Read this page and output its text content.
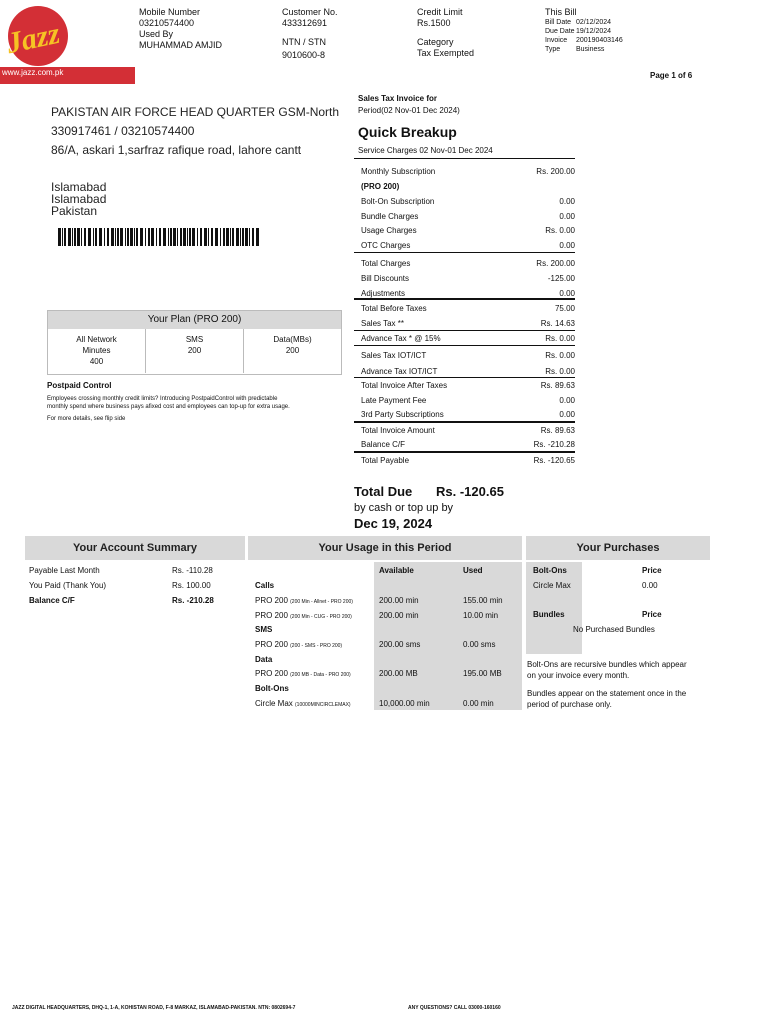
Jazz
www.jazz.com.pk
Mobile Number
03210574400
Used By
MUHAMMAD AMJID
Customer No.
433312691
NTN / STN
9010600-8
Credit Limit
Rs.1500
Category
Tax Exempted
This Bill
Bill Date 02/12/2024
Due Date 19/12/2024
Invoice	200190403146
Type	Business
Page 1 of 6
PAKISTAN AIR FORCE HEAD QUARTER GSM-North
330917461 / 03210574400
86/A, askari 1,sarfraz rafique road, lahore cantt
Islamabad
Islamabad
Pakistan
Your Plan (PRO 200)
All Network
Minutes
400
SMS
200
Data(MBs)
200
Postpaid Control
Employees crossing monthly credit limits? Introducing PostpaidControl with predictable
monthly spend where business pays afixed cost and employees can top-up for extra usage.
For more details, see flip side
Sales Tax Invoice for
Period(02 Nov-01 Dec 2024)
Quick Breakup
Service Charges 02 Nov-01 Dec 2024
Monthly Subscription	Rs. 200.00
(PRO 200)
Bolt-On Subscription	0.00
Bundle Charges	0.00
Usage Charges	Rs. 0.00
OTC Charges	0.00
Total Charges	Rs. 200.00
Bill Discounts	-125.00
Adjustments	0.00
Total Before Taxes	75.00
Sales Tax **	Rs. 14.63
Advance Tax * @ 15%	Rs. 0.00
Sales Tax IOT/ICT	Rs. 0.00
Advance Tax IOT/ICT	Rs. 0.00
Total Invoice After Taxes	Rs. 89.63
Late Payment Fee	0.00
3rd Party Subscriptions	0.00
Total Invoice Amount	Rs. 89.63
Balance C/F	Rs. -210.28
Total Payable	Rs. -120.65
Total Due Rs. -120.65
by cash or top up by
Dec 19, 2024
Your Account Summary	Your Usage in this Period	Your Purchases
Payable Last Month	Rs. -110.28
You Paid (Thank You)	Rs. 100.00
Balance C/F	Rs. -210.28
Available	Used
Calls
PRO 200 (200 Min - Allnet - PRO 200)	200.00 min	155.00 min
PRO 200 (200 Min - CUG - PRO 200)	200.00 min	10.00 min
SMS
PRO 200 (200 - SMS - PRO 200)	200.00 sms	0.00 sms
Data
PRO 200 (200 MB - Data - PRO 200)	200.00 MB	195.00 MB
Bolt-Ons
Circle Max (10000MINCIRCLEMAX)	10,000.00 min	0.00 min
Bolt-Ons	Price
Circle Max	0.00
Bundles	Price
No Purchased Bundles
Bolt-Ons are recursive bundles which appear
on your invoice every month.
Bundles appear on the statement once in the
period of purchase only.
JAZZ DIGITAL HEADQUARTERS, DHQ-1, 1-A, KOHISTAN ROAD, F-8 MARKAZ, ISLAMABAD-PAKISTAN. NTN: 0802694-7	ANY QUESTIONS? CALL 03000-160160
